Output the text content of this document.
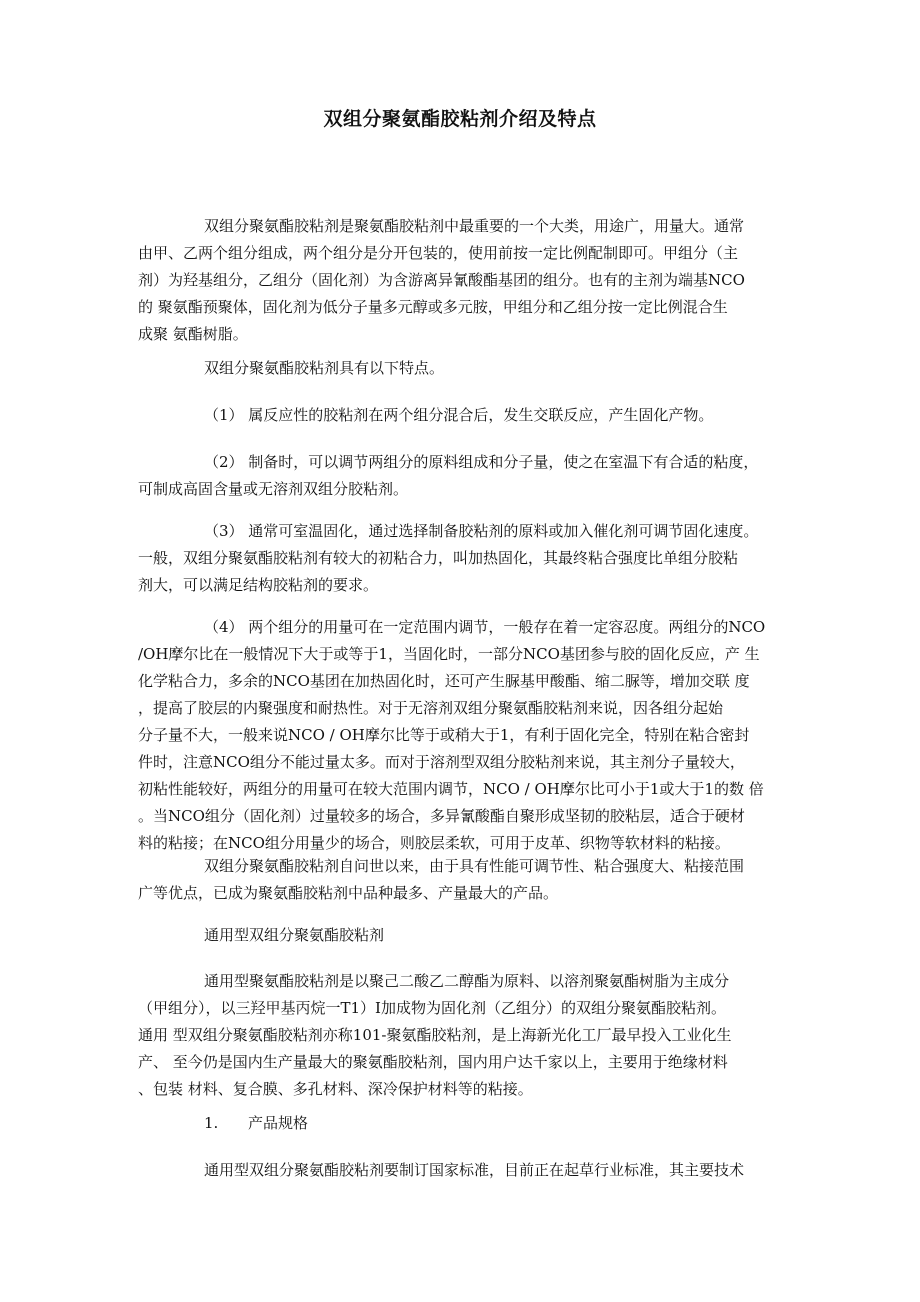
双组分聚氨酯胶粘剂介绍及特点
双组分聚氨酯胶粘剂是聚氨酯胶粘剂中最重要的一个大类，用途广，用量大。通常
由甲、乙两个组分组成，两个组分是分开包装的，使用前按一定比例配制即可。甲组分（主
剂）为羟基组分，乙组分（固化剂）为含游离异氰酸酯基团的组分。也有的主剂为端基NCO
的 聚氨酯预聚体，固化剂为低分子量多元醇或多元胺，甲组分和乙组分按一定比例混合生
成聚 氨酯树脂。
双组分聚氨酯胶粘剂具有以下特点。
（1） 属反应性的胶粘剂在两个组分混合后，发生交联反应，产生固化产物。
（2） 制备时，可以调节两组分的原料组成和分子量，使之在室温下有合适的粘度，
可制成高固含量或无溶剂双组分胶粘剂。
（3） 通常可室温固化，通过选择制备胶粘剂的原料或加入催化剂可调节固化速度。
一般，双组分聚氨酯胶粘剂有较大的初粘合力，叫加热固化，其最终粘合强度比单组分胶粘
剂大，可以满足结构胶粘剂的要求。
（4） 两个组分的用量可在一定范围内调节，一般存在着一定容忍度。两组分的NCO
/OH摩尔比在一般情况下大于或等于1，当固化时，一部分NCO基团参与胶的固化反应，产 生
化学粘合力，多余的NCO基团在加热固化时，还可产生脲基甲酸酯、缩二脲等，增加交联 度
，提高了胶层的内聚强度和耐热性。对于无溶剂双组分聚氨酯胶粘剂来说，因各组分起始
分子量不大，一般来说NCO / OH摩尔比等于或稍大于1，有利于固化完全，特别在粘合密封
件时，注意NCO组分不能过量太多。而对于溶剂型双组分胶粘剂来说，其主剂分子量较大，
初粘性能较好，两组分的用量可在较大范围内调节，NCO / OH摩尔比可小于1或大于1的数 倍
。当NCO组分（固化剂）过量较多的场合，多异氰酸酯自聚形成坚韧的胶粘层，适合于硬材
料的粘接；在NCO组分用量少的场合，则胶层柔软，可用于皮革、织物等软材料的粘接。
双组分聚氨酯胶粘剂自问世以来，由于具有性能可调节性、粘合强度大、粘接范围
广等优点，已成为聚氨酯胶粘剂中品种最多、产量最大的产品。
通用型双组分聚氨酯胶粘剂
通用型聚氨酯胶粘剂是以聚己二酸乙二醇酯为原料、以溶剂聚氨酯树脂为主成分
（甲组分），以三羟甲基丙烷一T1）I加成物为固化剂（乙组分）的双组分聚氨酯胶粘剂。
通用 型双组分聚氨酯胶粘剂亦称101-聚氨酯胶粘剂，是上海新光化工厂最早投入工业化生
产、 至今仍是国内生产量最大的聚氨酯胶粘剂，国内用户达千家以上，主要用于绝缘材料
、包装 材料、复合膜、多孔材料、深冷保护材料等的粘接。
1. 产品规格
通用型双组分聚氨酯胶粘剂要制订国家标准，目前正在起草行业标准，其主要技术
